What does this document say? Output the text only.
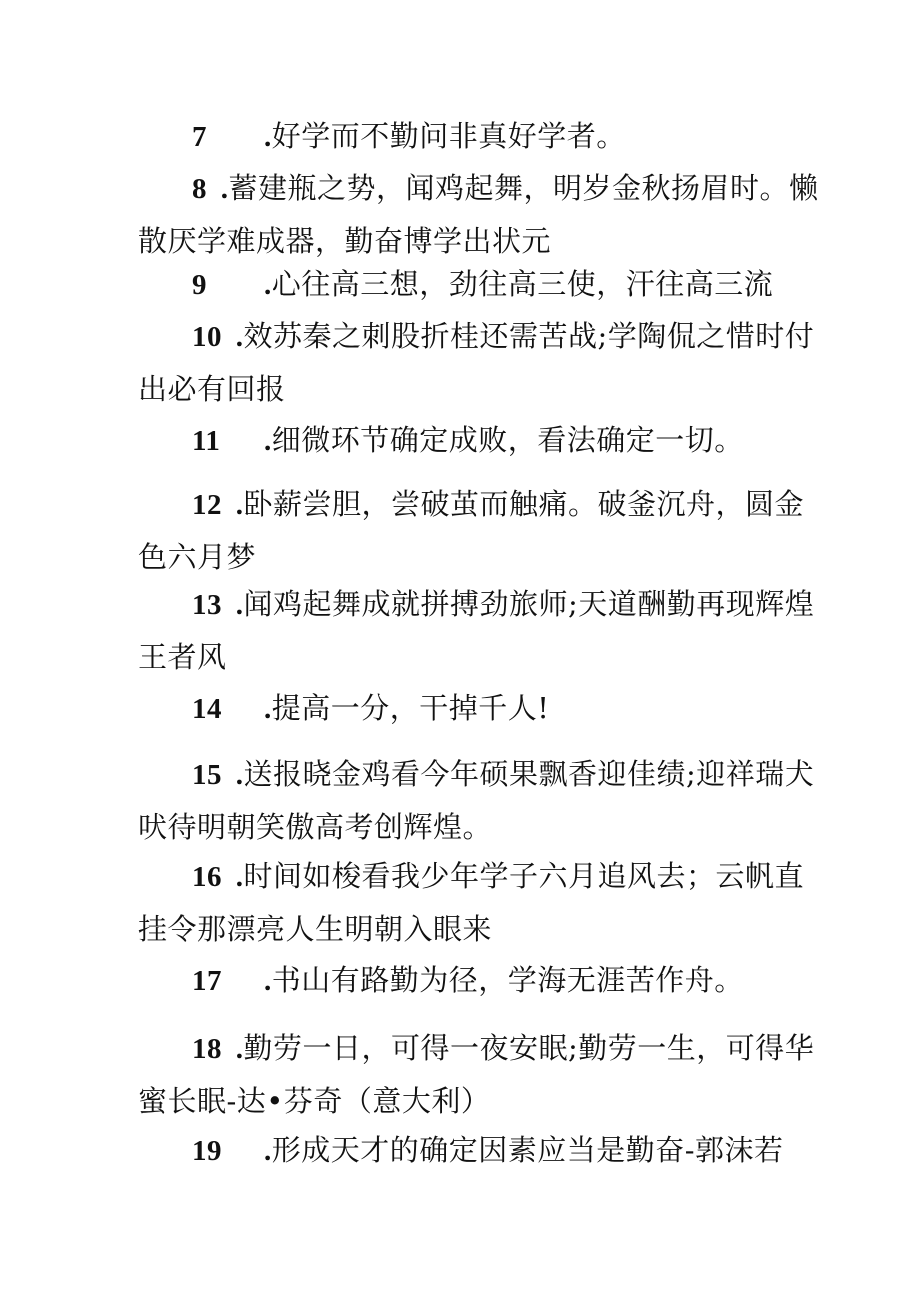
7 .好学而不勤问非真好学者。
8 .蓄建瓶之势，闻鸡起舞，明岁金秋扬眉时。懒
散厌学难成器，勤奋博学出状元
9 .心往高三想，劲往高三使，汗往高三流
10 .效苏秦之刺股折桂还需苦战;学陶侃之惜时付
出必有回报
11 .细微环节确定成败，看法确定一切。
12 .卧薪尝胆，尝破茧而触痛。破釜沉舟，圆金
色六月梦
13 .闻鸡起舞成就拼搏劲旅师;天道酬勤再现辉煌
王者风
14 .提高一分，干掉千人!
15 .送报晓金鸡看今年硕果飘香迎佳绩;迎祥瑞犬
吠待明朝笑傲高考创辉煌。
16 .时间如梭看我少年学子六月追风去；云帆直
挂令那漂亮人生明朝入眼来
17 .书山有路勤为径，学海无涯苦作舟。
18 .勤劳一日，可得一夜安眠;勤劳一生，可得华
蜜长眠-达•芬奇（意大利）
19 .形成天才的确定因素应当是勤奋-郭沫若
